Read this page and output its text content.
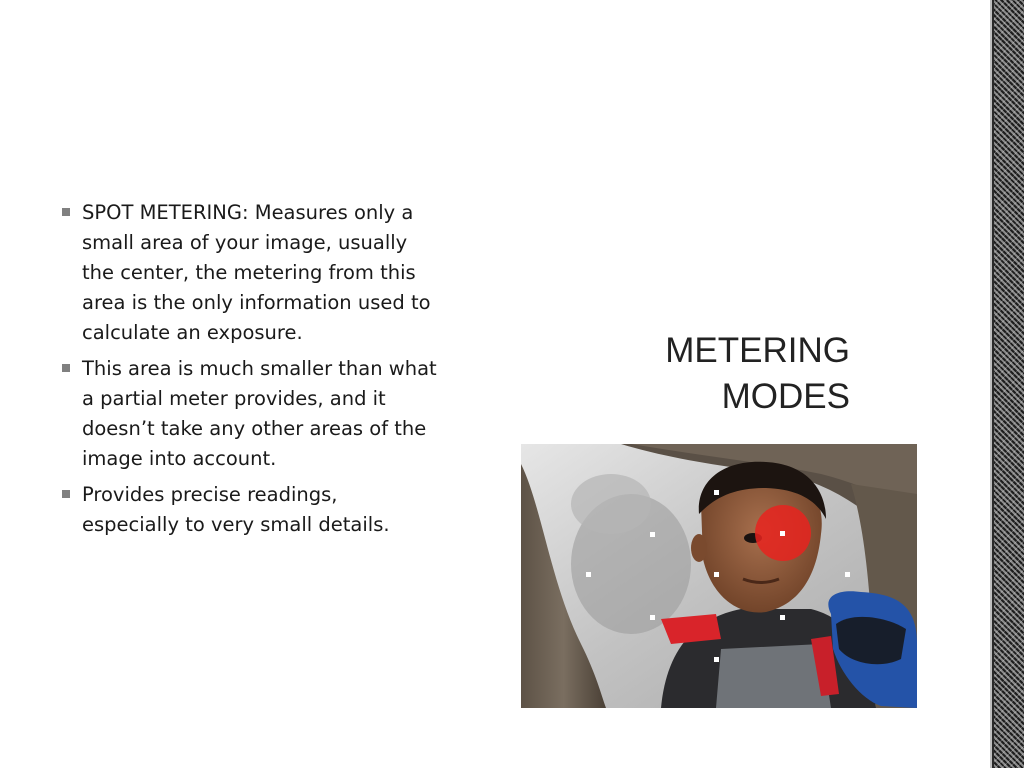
SPOT METERING: Measures only a small area of your image, usually the center, the metering from this area is the only information used to calculate an exposure.
This area is much smaller than what a partial meter provides, and it doesn’t take any other areas of the image into account.
Provides precise readings, especially to very small details.
METERING
MODES
